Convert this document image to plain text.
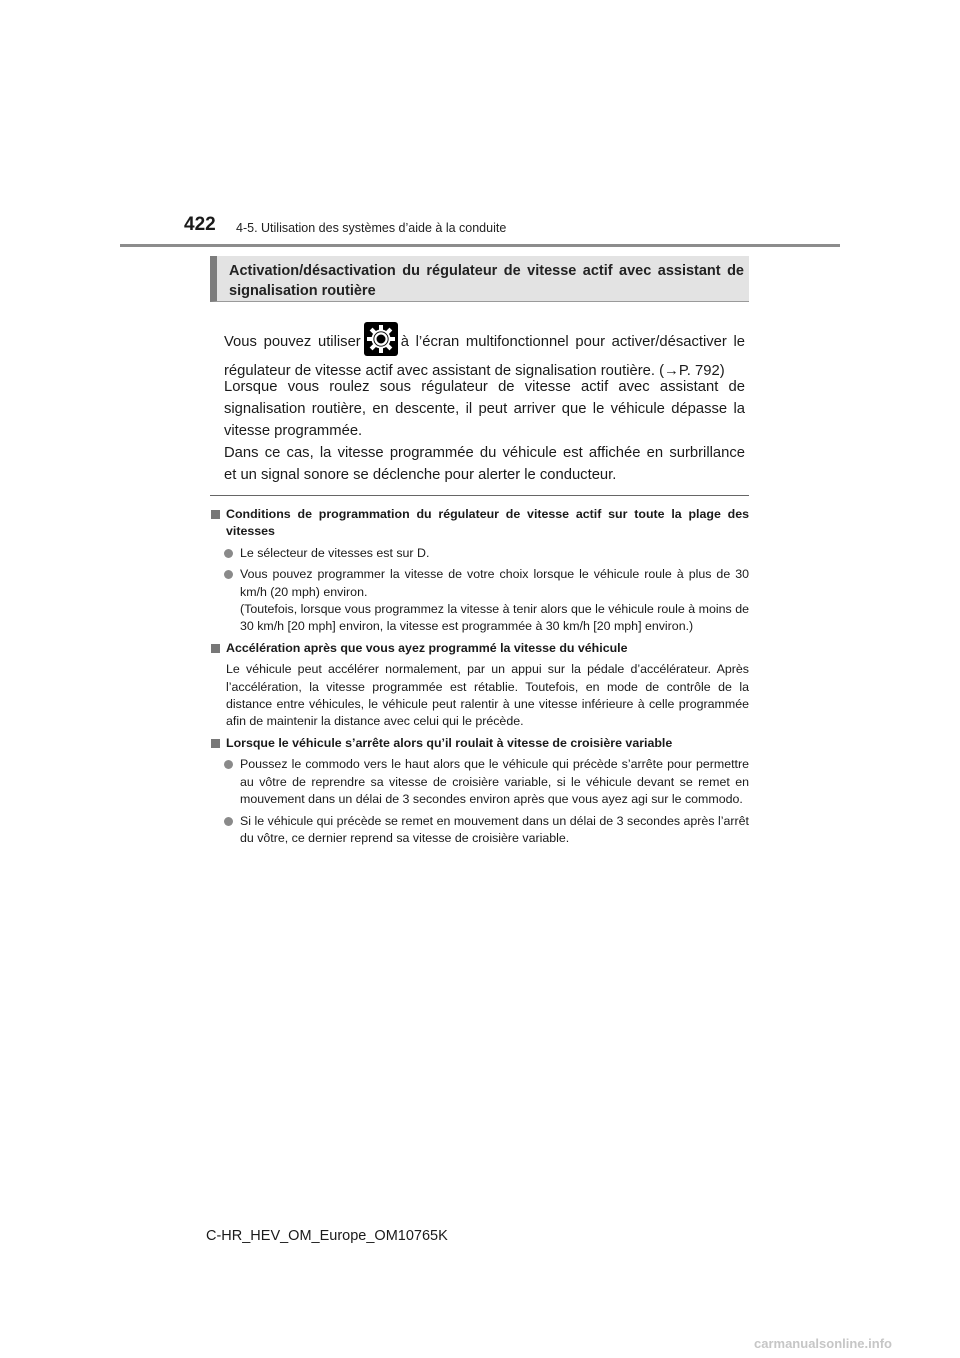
422 4-5. Utilisation des systèmes d’aide à la conduite
Activation/désactivation du régulateur de vitesse actif avec assistant de signalisation routière

Vous pouvez utiliser	à l’écran multifonctionnel pour activer/désactiver le
régulateur de vitesse actif avec assistant de signalisation routière. (→P. 792)

Lorsque vous roulez sous régulateur de vitesse actif avec assistant de
signalisation routière, en descente, il peut arriver que le véhicule dépasse la
vitesse programmée.
Dans ce cas, la vitesse programmée du véhicule est affichée en surbrillance
et un signal sonore se déclenche pour alerter le conducteur.

Conditions de programmation du régulateur de vitesse actif sur toute la plage des vitesses
Le sélecteur de vitesses est sur D.
Vous pouvez programmer la vitesse de votre choix lorsque le véhicule roule à plus de 30 km/h (20 mph) environ.
(Toutefois, lorsque vous programmez la vitesse à tenir alors que le véhicule roule à moins de 30 km/h [20 mph] environ, la vitesse est programmée à 30 km/h [20 mph] environ.)
Accélération après que vous ayez programmé la vitesse du véhicule
Le véhicule peut accélérer normalement, par un appui sur la pédale d’accélérateur. Après l’accélération, la vitesse programmée est rétablie. Toutefois, en mode de contrôle de la distance entre véhicules, le véhicule peut ralentir à une vitesse inférieure à celle programmée afin de maintenir la distance avec celui qui le précède.
Lorsque le véhicule s’arrête alors qu’il roulait à vitesse de croisière variable
Poussez le commodo vers le haut alors que le véhicule qui précède s’arrête pour permettre au vôtre de reprendre sa vitesse de croisière variable, si le véhicule devant se remet en mouvement dans un délai de 3 secondes environ après que vous ayez agi sur le commodo.
Si le véhicule qui précède se remet en mouvement dans un délai de 3 secondes après l’arrêt du vôtre, ce dernier reprend sa vitesse de croisière variable.
C-HR_HEV_OM_Europe_OM10765K
carmanualsonline.info
